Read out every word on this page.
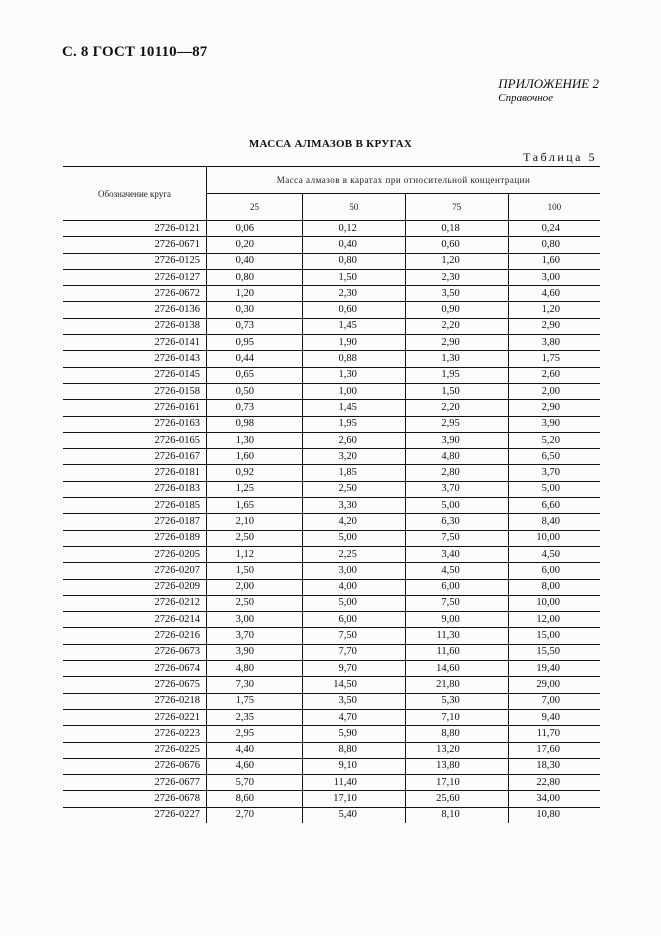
С. 8 ГОСТ 10110—87
ПРИЛОЖЕНИЕ 2
Справочное
МАССА АЛМАЗОВ В КРУГАХ
Таблица 5
Обозначение круга	Масса алмазов в каратах при относительной концентрации			
	25	50	75	100
2726-0121	0,06	0,12	0,18	0,24
2726-0671	0,20	0,40	0,60	0,80
2726-0125	0,40	0,80	1,20	1,60
2726-0127	0,80	1,50	2,30	3,00
2726-0672	1,20	2,30	3,50	4,60
2726-0136	0,30	0,60	0,90	1,20
2726-0138	0,73	1,45	2,20	2,90
2726-0141	0,95	1,90	2,90	3,80
2726-0143	0,44	0,88	1,30	1,75
2726-0145	0,65	1,30	1,95	2,60
2726-0158	0,50	1,00	1,50	2,00
2726-0161	0,73	1,45	2,20	2,90
2726-0163	0,98	1,95	2,95	3,90
2726-0165	1,30	2,60	3,90	5,20
2726-0167	1,60	3,20	4,80	6,50
2726-0181	0,92	1,85	2,80	3,70
2726-0183	1,25	2,50	3,70	5,00
2726-0185	1,65	3,30	5,00	6,60
2726-0187	2,10	4,20	6,30	8,40
2726-0189	2,50	5,00	7,50	10,00
2726-0205	1,12	2,25	3,40	4,50
2726-0207	1,50	3,00	4,50	6,00
2726-0209	2,00	4,00	6,00	8,00
2726-0212	2,50	5,00	7,50	10,00
2726-0214	3,00	6,00	9,00	12,00
2726-0216	3,70	7,50	11,30	15,00
2726-0673	3,90	7,70	11,60	15,50
2726-0674	4,80	9,70	14,60	19,40
2726-0675	7,30	14,50	21,80	29,00
2726-0218	1,75	3,50	5,30	7,00
2726-0221	2,35	4,70	7,10	9,40
2726-0223	2,95	5,90	8,80	11,70
2726-0225	4,40	8,80	13,20	17,60
2726-0676	4,60	9,10	13,80	18,30
2726-0677	5,70	11,40	17,10	22,80
2726-0678	8,60	17,10	25,60	34,00
2726-0227	2,70	5,40	8,10	10,80
